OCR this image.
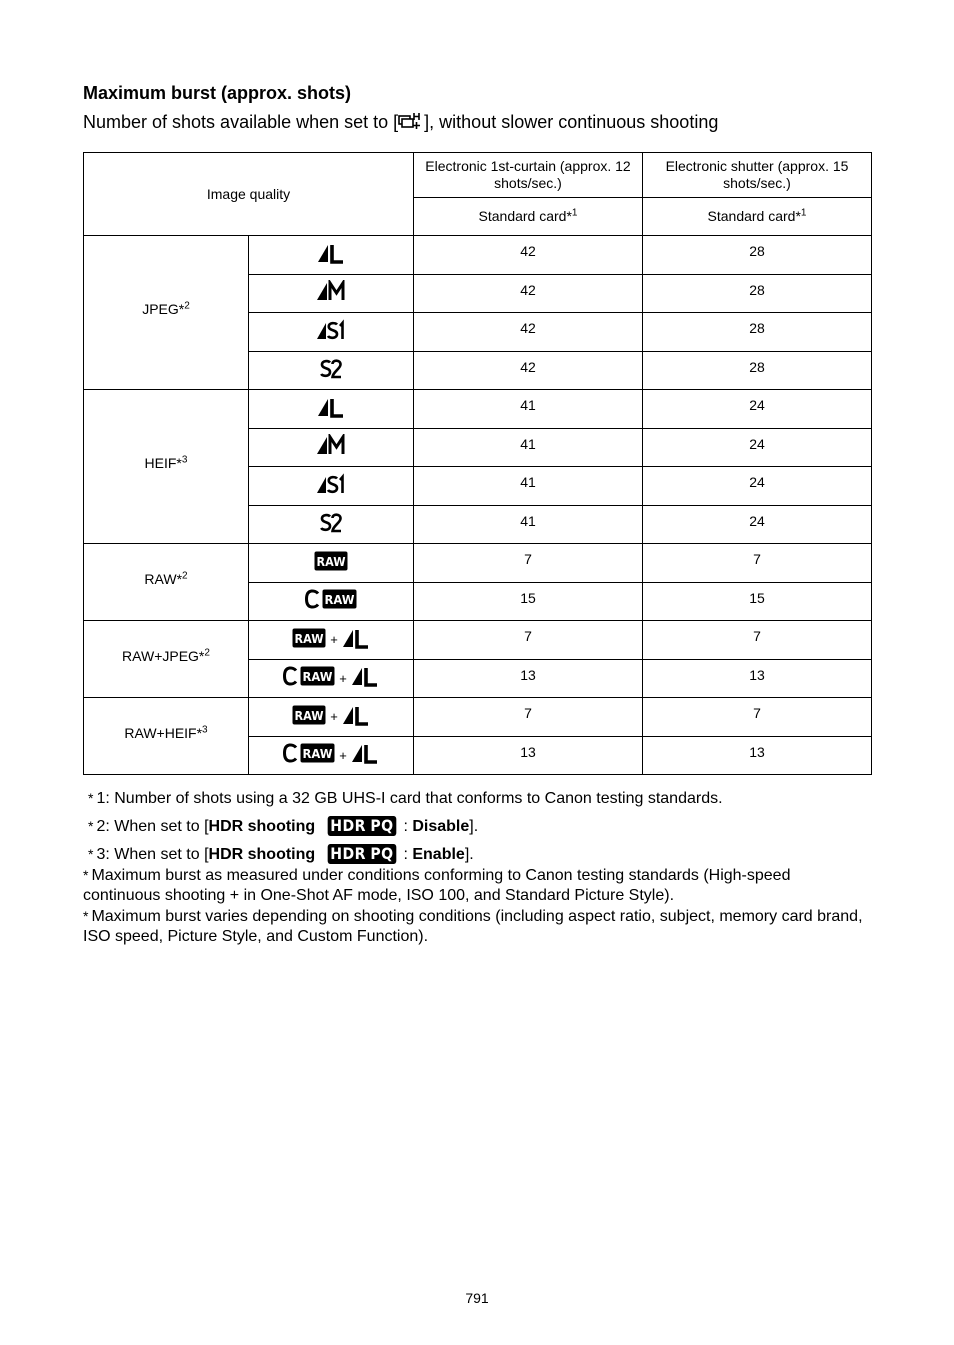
Maximum burst (approx. shots)

Number of shots available when set to [ ], without slower continuous shooting

Image quality		Electronic 1st-curtain (approx. 12 shots/sec.)	Electronic shutter (approx. 15 shots/sec.)
		Standard card*$^1$	Standard card*$^1$
JPEG*$^2$		42	28
	42	28
	42	28
	42	28
HEIF*$^3$		41	24
	41	24
	41	24
	41	24
RAW*$^2$	RAW	7	7

RAW	15	15
RAW+JPEG*$^2$	RAW +	7	7

RAW +	13	13
RAW+HEIF*$^3$	RAW +	7	7

RAW +	13	13

* 1: Number of shots using a 32 GB UHS-I card that conforms to Canon testing standards.

* 2: When set to [HDR shooting HDR PQ : Disable].

* 3: When set to [HDR shooting HDR PQ : Enable].

* Maximum burst as measured under conditions conforming to Canon testing standards (High-speed continuous shooting + in One-Shot AF mode, ISO 100, and Standard Picture Style).

* Maximum burst varies depending on shooting conditions (including aspect ratio, subject, memory card brand, ISO speed, Picture Style, and Custom Function).

791
